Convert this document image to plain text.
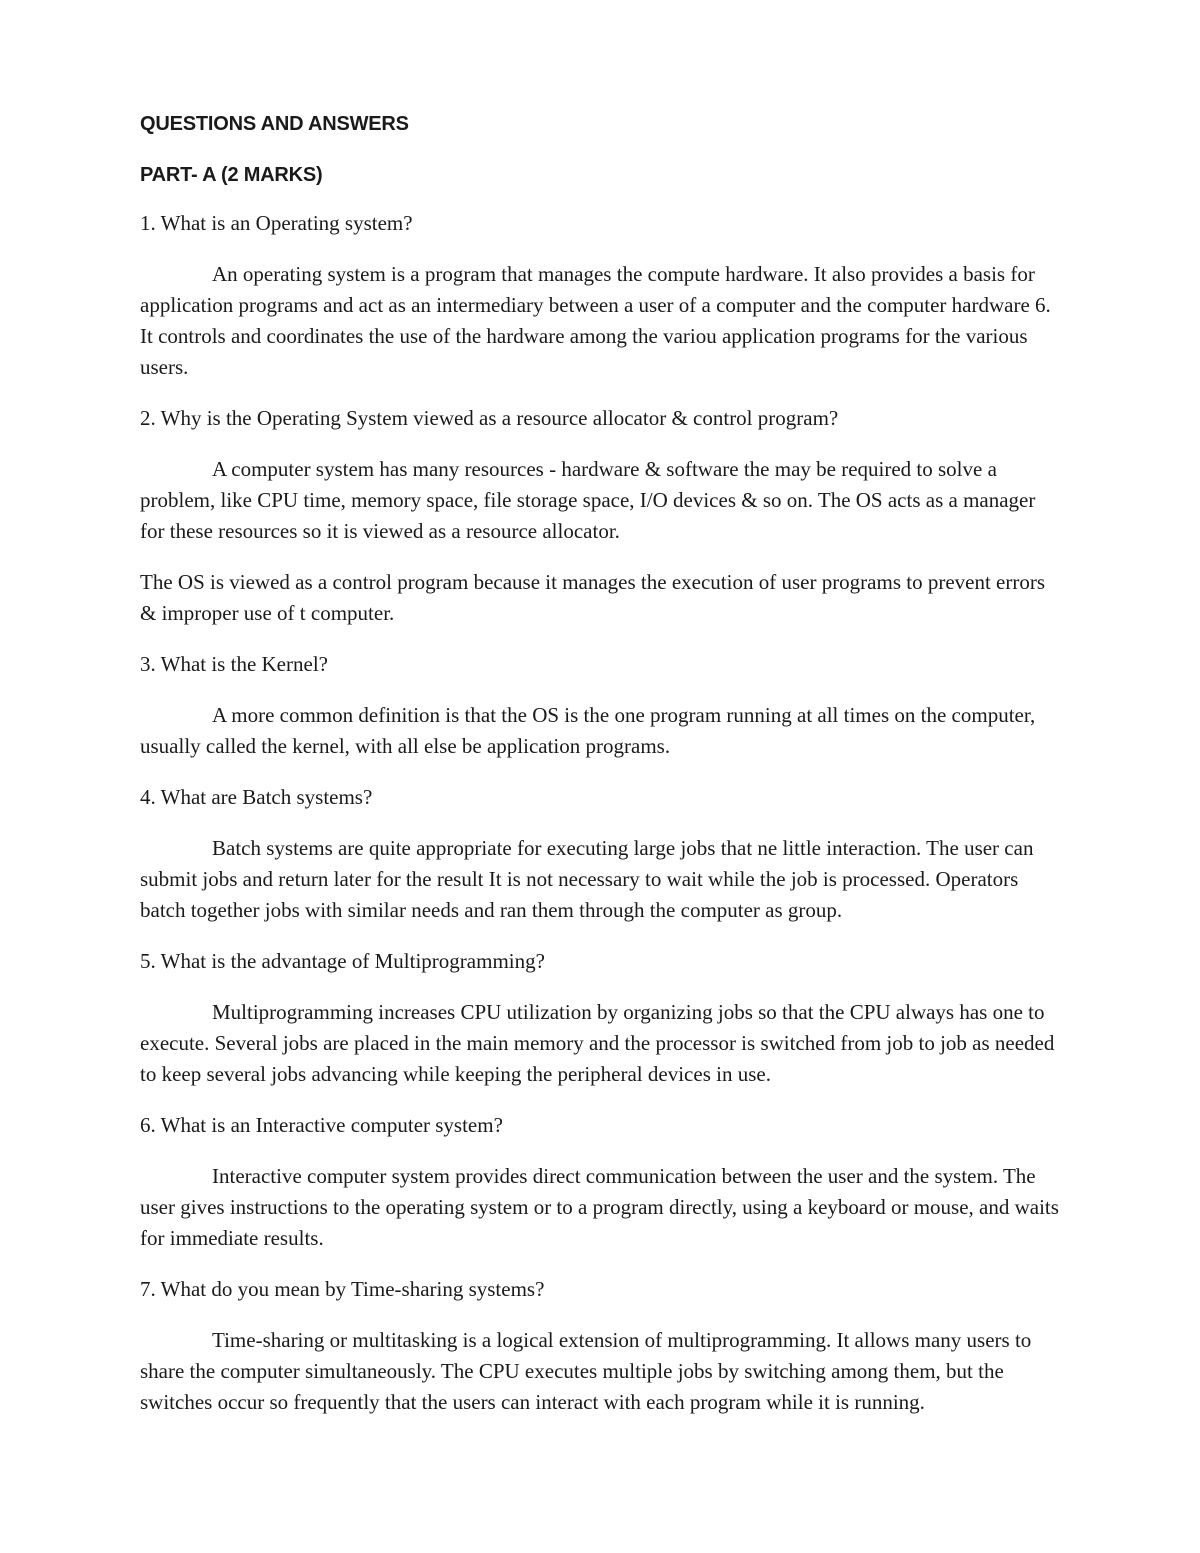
QUESTIONS AND ANSWERS
PART- A (2 MARKS)
1. What is an Operating system?
An operating system is a program that manages the compute hardware. It also provides a basis for application programs and act as an intermediary between a user of a computer and the computer hardware 6. It controls and coordinates the use of the hardware among the variou application programs for the various users.
2. Why is the Operating System viewed as a resource allocator & control program?
A computer system has many resources - hardware & software the may be required to solve a problem, like CPU time, memory space, file storage space, I/O devices & so on. The OS acts as a manager for these resources so it is viewed as a resource allocator.
The OS is viewed as a control program because it manages the execution of user programs to prevent errors & improper use of t computer.
3. What is the Kernel?
A more common definition is that the OS is the one program running at all times on the computer, usually called the kernel, with all else be application programs.
4. What are Batch systems?
Batch systems are quite appropriate for executing large jobs that ne little interaction. The user can submit jobs and return later for the result It is not necessary to wait while the job is processed. Operators batch together jobs with similar needs and ran them through the computer as group.
5. What is the advantage of Multiprogramming?
Multiprogramming increases CPU utilization by organizing jobs so that the CPU always has one to execute. Several jobs are placed in the main memory and the processor is switched from job to job as needed to keep several jobs advancing while keeping the peripheral devices in use.
6. What is an Interactive computer system?
Interactive computer system provides direct communication between the user and the system. The user gives instructions to the operating system or to a program directly, using a keyboard or mouse, and waits for immediate results.
7. What do you mean by Time-sharing systems?
Time-sharing or multitasking is a logical extension of multiprogramming. It allows many users to share the computer simultaneously. The CPU executes multiple jobs by switching among them, but the switches occur so frequently that the users can interact with each program while it is running.
